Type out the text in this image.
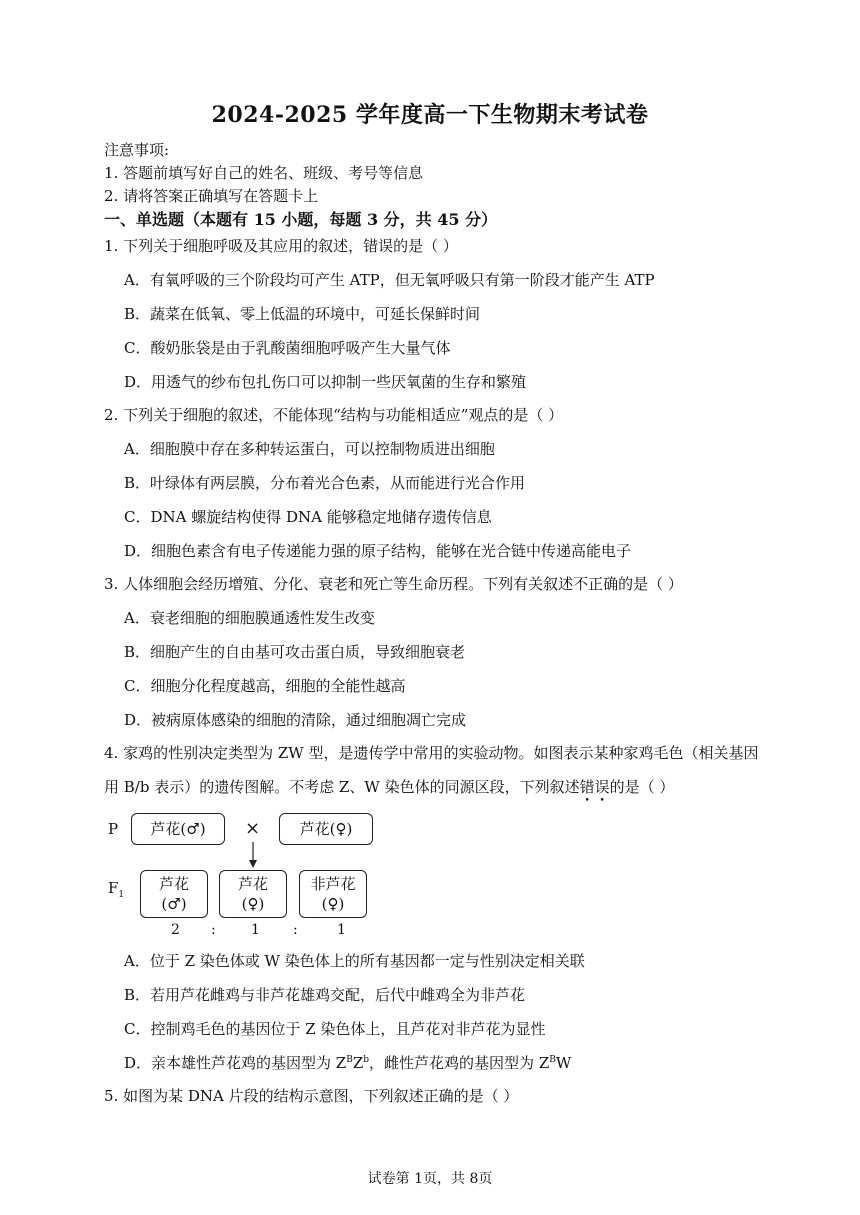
2024-2025 学年度高一下生物期末考试卷
注意事项:
1. 答题前填写好自己的姓名、班级、考号等信息
2. 请将答案正确填写在答题卡上
一、单选题（本题有 15 小题，每题 3 分，共 45 分）
1. 下列关于细胞呼吸及其应用的叙述，错误的是（ ）
A．有氧呼吸的三个阶段均可产生 ATP，但无氧呼吸只有第一阶段才能产生 ATP
B．蔬菜在低氧、零上低温的环境中，可延长保鲜时间
C．酸奶胀袋是由于乳酸菌细胞呼吸产生大量气体
D．用透气的纱布包扎伤口可以抑制一些厌氧菌的生存和繁殖
2. 下列关于细胞的叙述，不能体现“结构与功能相适应”观点的是（ ）
A．细胞膜中存在多种转运蛋白，可以控制物质进出细胞
B．叶绿体有两层膜，分布着光合色素，从而能进行光合作用
C．DNA 螺旋结构使得 DNA 能够稳定地储存遗传信息
D．细胞色素含有电子传递能力强的原子结构，能够在光合链中传递高能电子
3. 人体细胞会经历增殖、分化、衰老和死亡等生命历程。下列有关叙述不正确的是（ ）
A．衰老细胞的细胞膜通透性发生改变
B．细胞产生的自由基可攻击蛋白质，导致细胞衰老
C．细胞分化程度越高，细胞的全能性越高
D．被病原体感染的细胞的清除，通过细胞凋亡完成
4. 家鸡的性别决定类型为 ZW 型，是遗传学中常用的实验动物。如图表示某种家鸡毛色（相关基因
用 B/b 表示）的遗传图解。不考虑 Z、W 染色体的同源区段，下列叙述错误的是（ ）
P	芦花(♂)	×	芦花(♀)
$F_1$
芦花
(♂)
芦花
(♀)
非芦花
(♀)
2 :	1 :	1
A．位于 Z 染色体或 W 染色体上的所有基因都一定与性别决定相关联
B．若用芦花雌鸡与非芦花雄鸡交配，后代中雌鸡全为非芦花
C．控制鸡毛色的基因位于 Z 染色体上，且芦花对非芦花为显性
D．亲本雄性芦花鸡的基因型为 $Z^BZ^b$，雌性芦花鸡的基因型为 $Z^BW$
5. 如图为某 DNA 片段的结构示意图，下列叙述正确的是（ ）
试卷第 1页，共 8页
